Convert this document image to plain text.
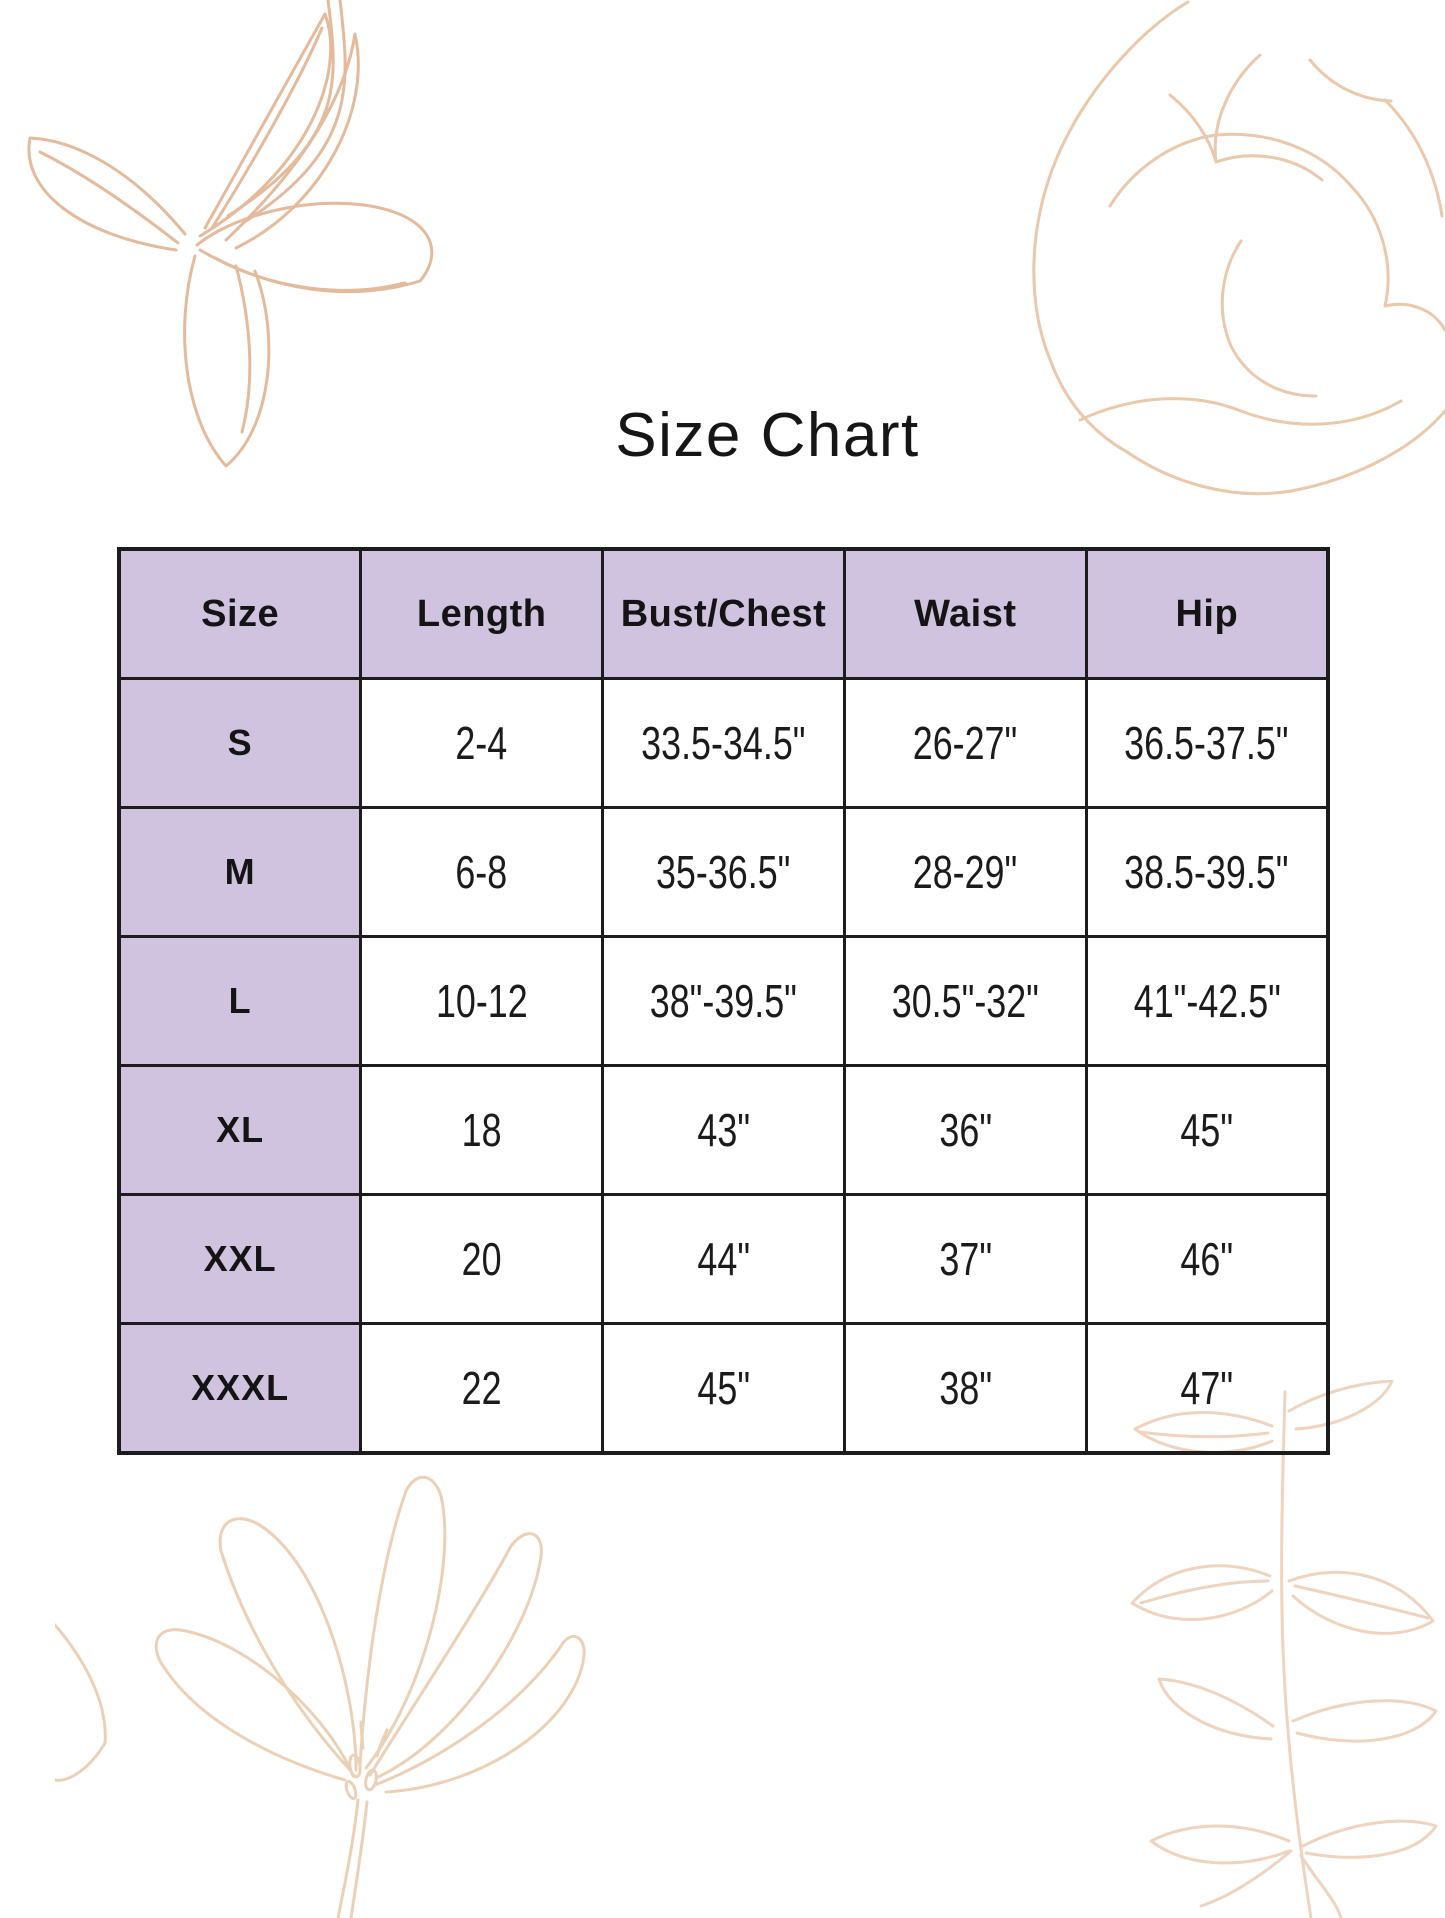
Size Chart
Size	Length	Bust/Chest	Waist	Hip
S	2-4	33.5-34.5"	26-27"	36.5-37.5"
M	6-8	35-36.5"	28-29"	38.5-39.5"
L	10-12	38"-39.5"	30.5"-32"	41"-42.5"
XL	18	43"	36"	45"
XXL	20	44"	37"	46"
XXXL	22	45"	38"	47"
